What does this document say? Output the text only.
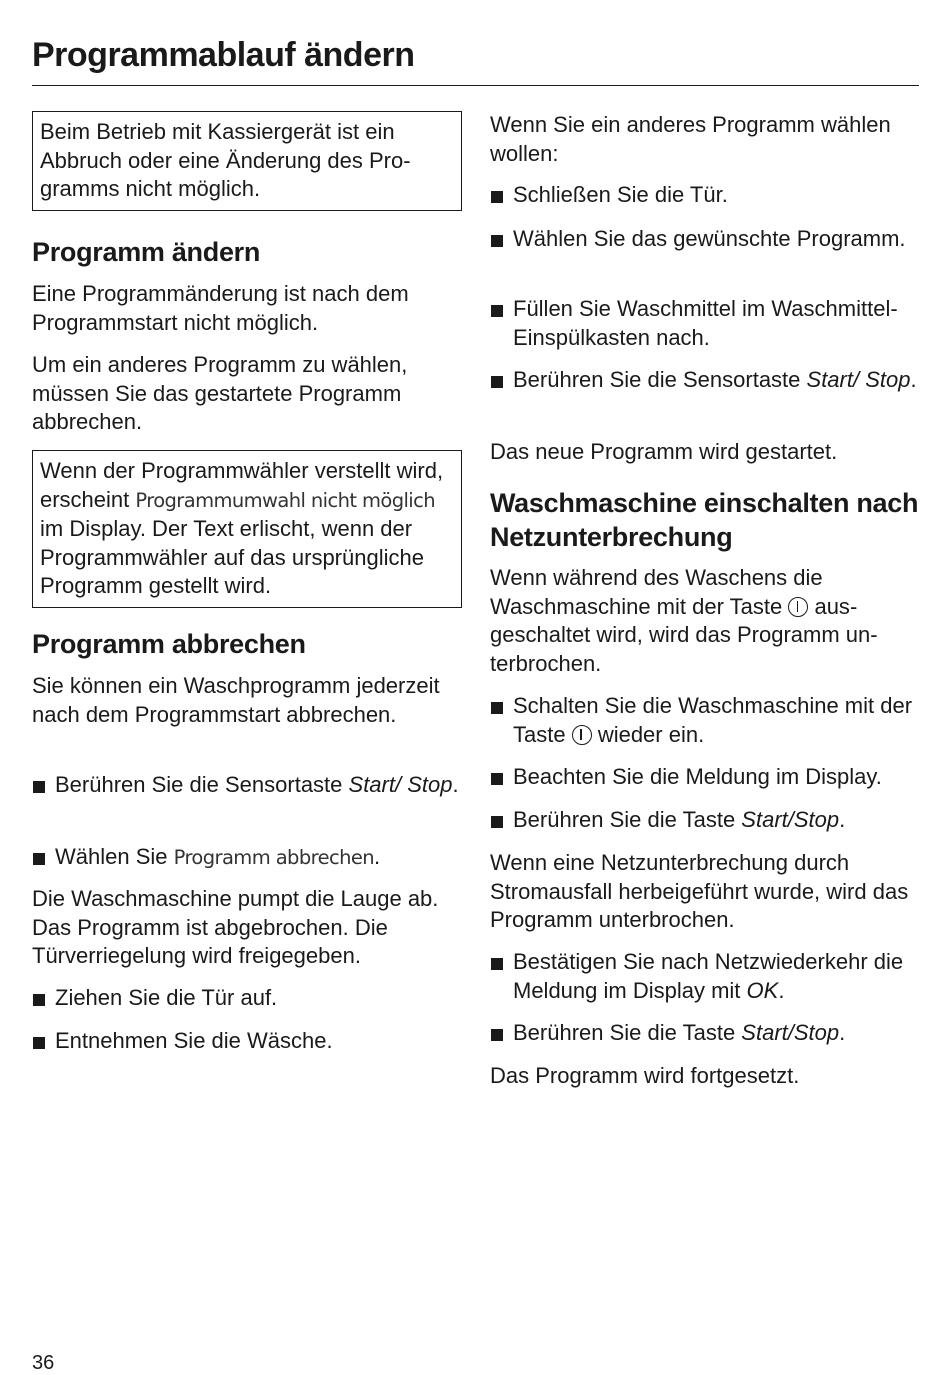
Programmablauf ändern
Beim Betrieb mit Kassiergerät ist ein Abbruch oder eine Änderung des Programms nicht möglich.
Programm ändern

Eine Programmänderung ist nach dem Programmstart nicht möglich.

Um ein anderes Programm zu wählen, müssen Sie das gestartete Programm abbrechen.

Wenn der Programmwähler verstellt wird, erscheint Programmumwahl nicht möglich im Display. Der Text erlischt, wenn der Programmwähler auf das ursprüngliche Programm gestellt wird.
Programm abbrechen

Sie können ein Waschprogramm jederzeit nach dem Programmstart abbrechen.

Berühren Sie die Sensortaste Start/ Stop.
Wählen Sie Programm abbrechen.

Die Waschmaschine pumpt die Lauge ab. Das Programm ist abgebrochen. Die Türverriegelung wird freigegeben.

Ziehen Sie die Tür auf.
Entnehmen Sie die Wäsche.

Wenn Sie ein anderes Programm wählen wollen:

Schließen Sie die Tür.
Wählen Sie das gewünschte Programm.
Füllen Sie Waschmittel im Waschmittel-Einspülkasten nach.
Berühren Sie die Sensortaste Start/ Stop.

Das neue Programm wird gestartet.

Waschmaschine einschalten nach Netzunterbrechung

Wenn während des Waschens die Waschmaschine mit der Taste  ausgeschaltet wird, wird das Programm unterbrochen.

Schalten Sie die Waschmaschine mit der Taste  wieder ein.
Beachten Sie die Meldung im Display.
Berühren Sie die Taste Start/Stop.

Wenn eine Netzunterbrechung durch Stromausfall herbeigeführt wurde, wird das Programm unterbrochen.

Bestätigen Sie nach Netzwiederkehr die Meldung im Display mit OK.
Berühren Sie die Taste Start/Stop.

Das Programm wird fortgesetzt.

36
